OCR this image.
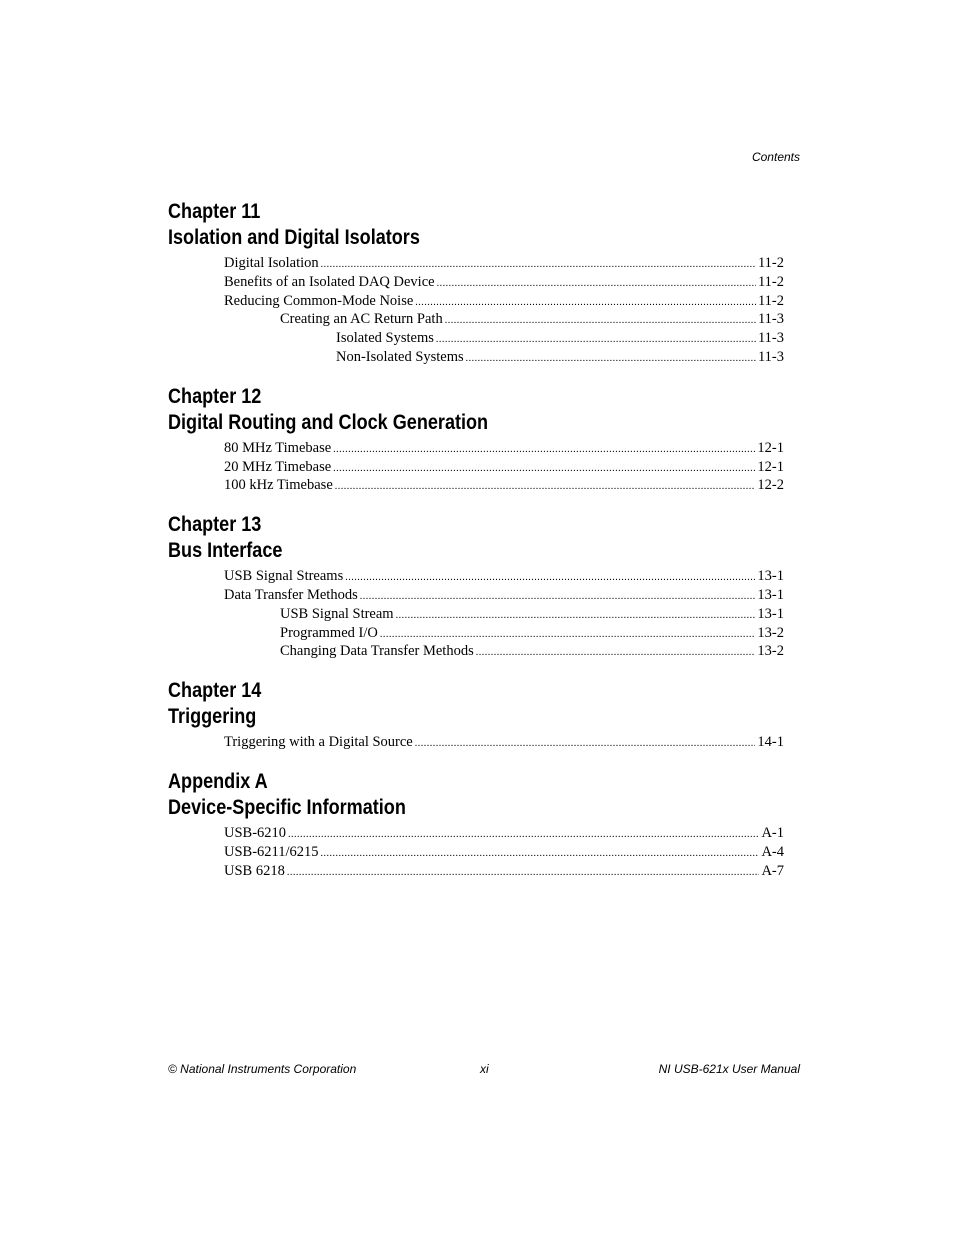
Contents
Chapter 11
Isolation and Digital Isolators
Digital Isolation .....	11-2
Benefits of an Isolated DAQ Device .....	11-2
Reducing Common-Mode Noise .....	11-2
Creating an AC Return Path .....	11-3
Isolated Systems .....	11-3
Non-Isolated Systems .....	11-3
Chapter 12
Digital Routing and Clock Generation
80 MHz Timebase .....	12-1
20 MHz Timebase .....	12-1
100 kHz Timebase .....	12-2
Chapter 13
Bus Interface
USB Signal Streams .....	13-1
Data Transfer Methods .....	13-1
USB Signal Stream .....	13-1
Programmed I/O .....	13-2
Changing Data Transfer Methods .....	13-2
Chapter 14
Triggering
Triggering with a Digital Source .....	14-1
Appendix A
Device-Specific Information
USB-6210 .....	A-1
USB-6211/6215 .....	A-4
USB 6218 .....	A-7
© National Instruments Corporation	xi	NI USB-621x User Manual
